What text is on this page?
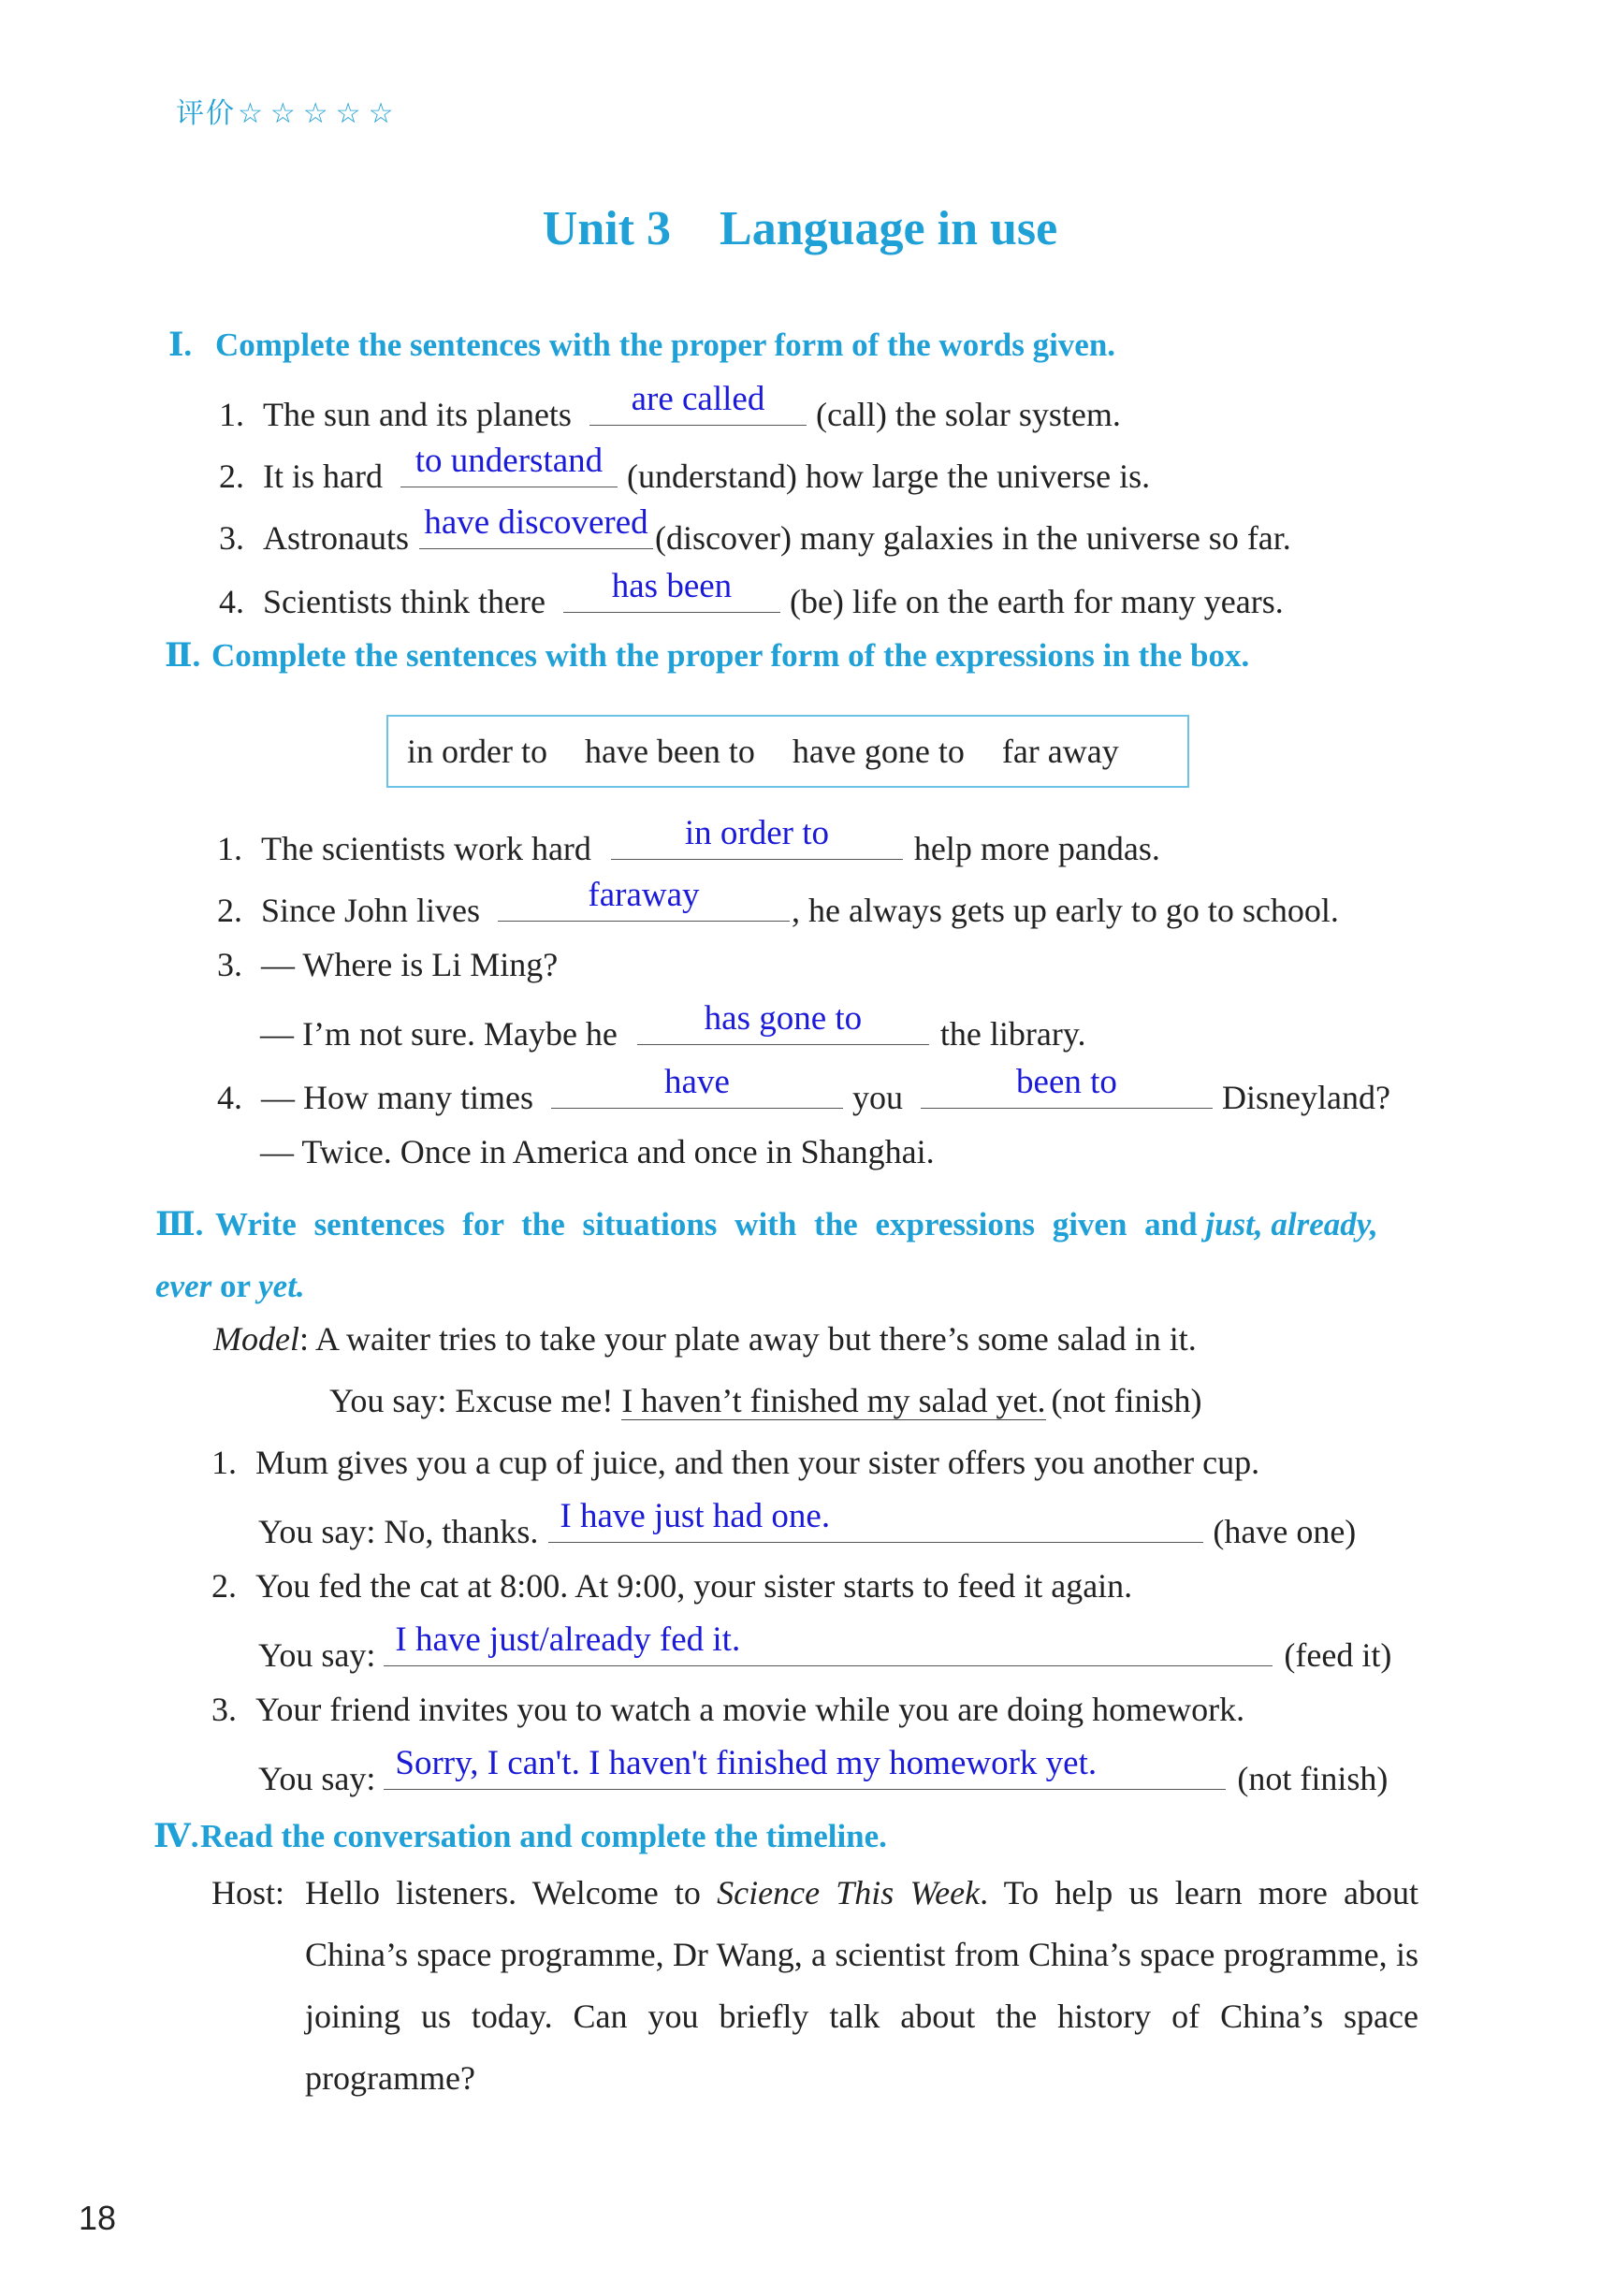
评价☆☆☆☆☆
Unit 3 Language in use
Ⅰ. Complete the sentences with the proper form of the words given.
1. The sun and its planets	are called	(call) the solar system.
2. It is hard to understand (understand) how large the universe is.
3. Astronauts have discovered (discover) many galaxies in the universe so far.
4. Scientists think there	has been	(be) life on the earth for many years.
Ⅱ. Complete the sentences with the proper form of the expressions in the box.
in order to have been to have gone to far away
1. The scientists work hard	in order to	help more pandas.
2. Since John lives	faraway	, he always gets up early to go to school.
3. — Where is Li Ming?
— I’m not sure. Maybe he	has gone to	the library.
4. — How many times	have	you	been to	Disneyland?
— Twice. Once in America and once in Shanghai.
Ⅲ. Write sentences for the situations with the expressions given and just, already, ever or yet.
Model: A waiter tries to take your plate away but there’s some salad in it.
You say: Excuse me! I haven’t finished my salad yet. (not finish)
1. Mum gives you a cup of juice, and then your sister offers you another cup.
You say: No, thanks. I have just had one.	(have one)
2. You fed the cat at 8:00. At 9:00, your sister starts to feed it again.
You say: I have just/already fed it.	(feed it)
3. Your friend invites you to watch a movie while you are doing homework.
You say: Sorry, I can't. I haven't finished my homework yet.	(not finish)
Ⅳ.Read the conversation and complete the timeline.
Host: Hello listeners. Welcome to Science This Week. To help us learn more about China’s space programme, Dr Wang, a scientist from China’s space programme, is joining us today. Can you briefly talk about the history of China’s space programme?
18
